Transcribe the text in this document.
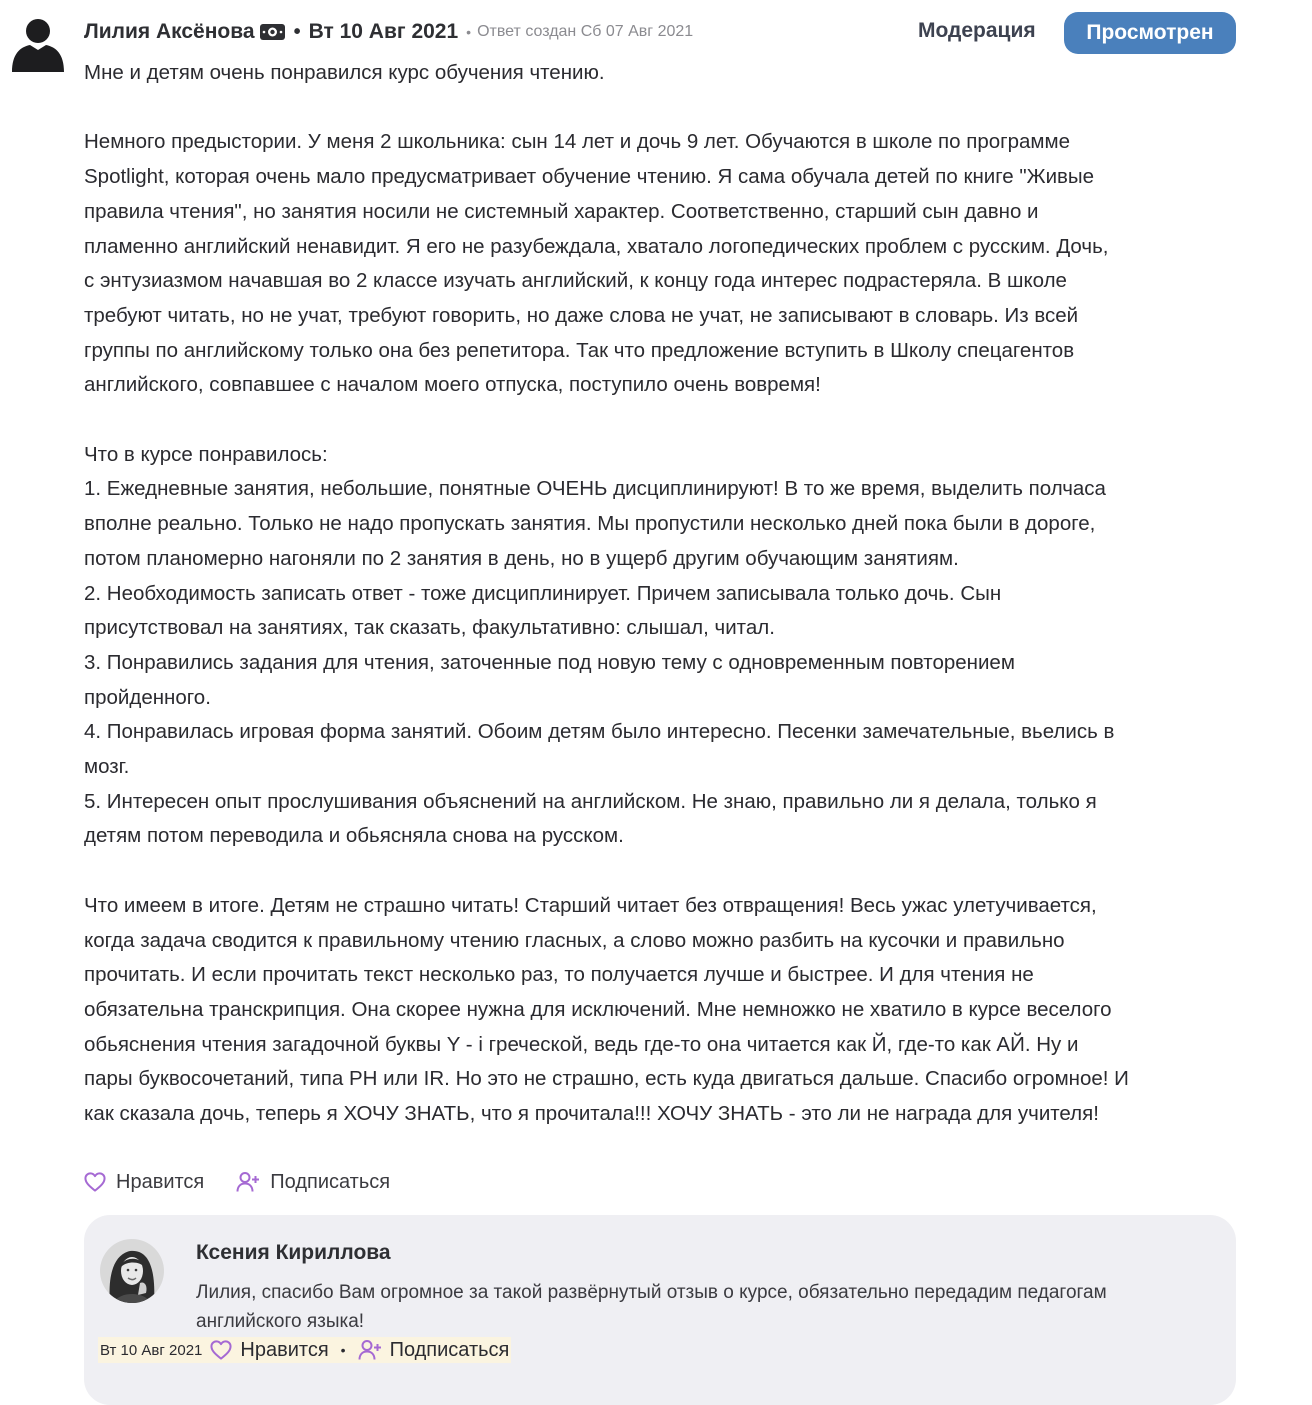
Лилия Аксёнова • Вт 10 Авг 2021 • Ответ создан Сб 07 Авг 2021	Модерация	Просмотрен

Мне и детям очень понравился курс обучения чтению.

Немного предыстории. У меня 2 школьника: сын 14 лет и дочь 9 лет. Обучаются в школе по программе

Spotlight, которая очень мало предусматривает обучение чтению. Я сама обучала детей по книге "Живые

правила чтения", но занятия носили не системный характер. Соответственно, старший сын давно и

пламенно английский ненавидит. Я его не разубеждала, хватало логопедических проблем с русским. Дочь,

с энтузиазмом начавшая во 2 классе изучать английский, к концу года интерес подрастеряла. В школе

требуют читать, но не учат, требуют говорить, но даже слова не учат, не записывают в словарь. Из всей

группы по английскому только она без репетитора. Так что предложение вступить в Школу спецагентов

английского, совпавшее с началом моего отпуска, поступило очень вовремя!

Что в курсе понравилось:

1. Ежедневные занятия, небольшие, понятные ОЧЕНЬ дисциплинируют! В то же время, выделить полчаса

вполне реально. Только не надо пропускать занятия. Мы пропустили несколько дней пока были в дороге,

потом планомерно нагоняли по 2 занятия в день, но в ущерб другим обучающим занятиям.

2. Необходимость записать ответ - тоже дисциплинирует. Причем записывала только дочь. Сын

присутствовал на занятиях, так сказать, факультативно: слышал, читал.

3. Понравились задания для чтения, заточенные под новую тему с одновременным повторением

пройденного.

4. Понравилась игровая форма занятий. Обоим детям было интересно. Песенки замечательные, вьелись в

мозг.

5. Интересен опыт прослушивания объяснений на английском. Не знаю, правильно ли я делала, только я

детям потом переводила и обьясняла снова на русском.

Что имеем в итоге. Детям не страшно читать! Старший читает без отвращения! Весь ужас улетучивается,

когда задача сводится к правильному чтению гласных, а слово можно разбить на кусочки и правильно

прочитать. И если прочитать текст несколько раз, то получается лучше и быстрее. И для чтения не

обязательна транскрипция. Она скорее нужна для исключений. Мне немножко не хватило в курсе веселого

обьяснения чтения загадочной буквы Y - i греческой, ведь где-то она читается как Й, где-то как АЙ. Ну и

пары буквосочетаний, типа PH или IR. Но это не страшно, есть куда двигаться дальше. Спасибо огромное! И

как сказала дочь, теперь я ХОЧУ ЗНАТЬ, что я прочитала!!! ХОЧУ ЗНАТЬ - это ли не награда для учителя!

Нравится	Подписаться
Ксения Кириллова
Лилия, спасибо Вам огромное за такой развёрнутый отзыв о курсе, обязательно передадим педагогам английского языка!
Вт 10 Авг 2021 Нравится • Подписаться
